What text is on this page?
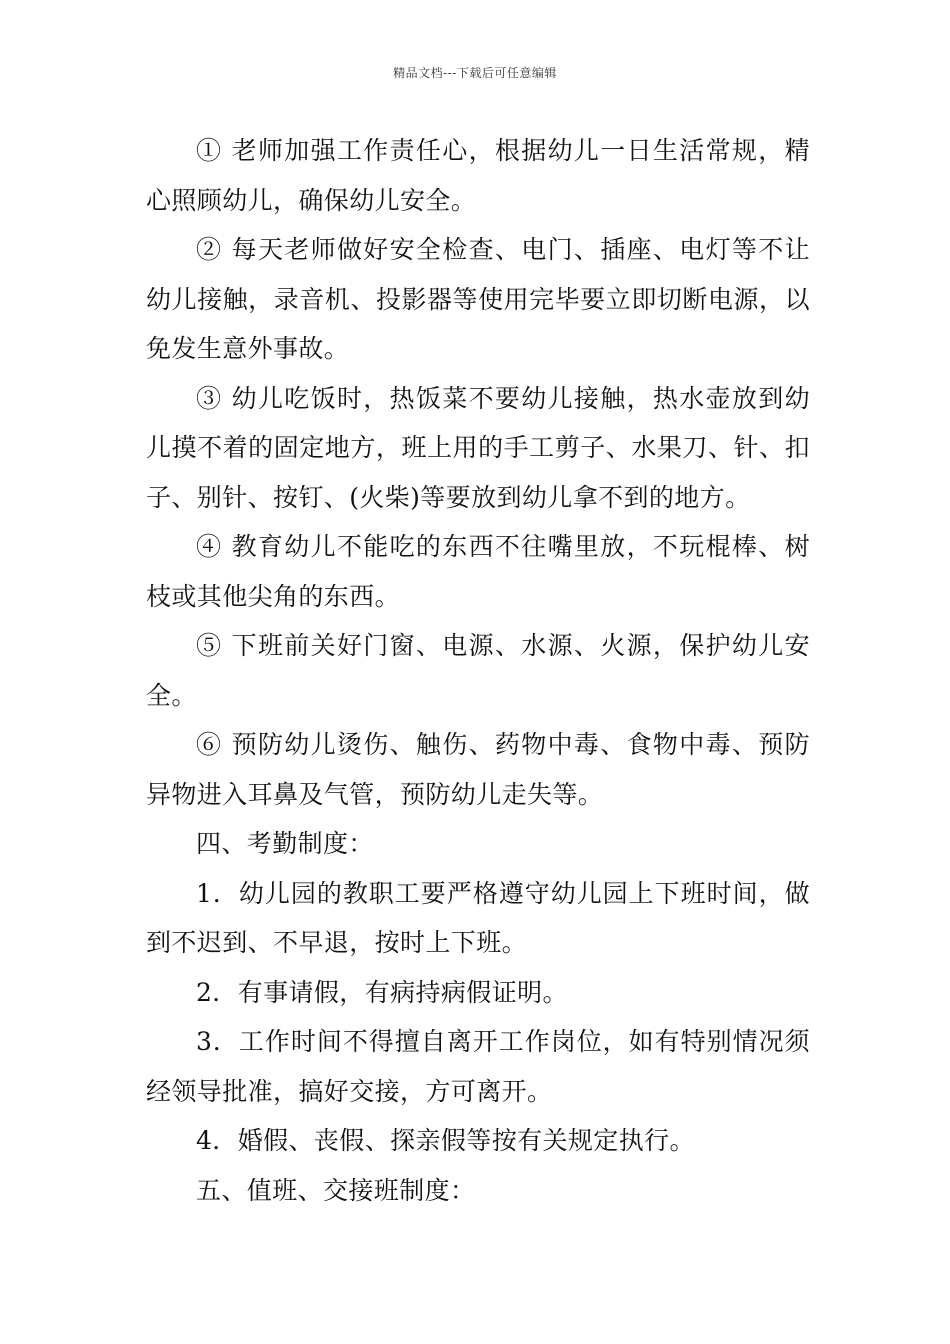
精品文档---下载后可任意编辑

① 老师加强工作责任心，根据幼儿一日生活常规，精心照顾幼儿，确保幼儿安全。

② 每天老师做好安全检查、电门、插座、电灯等不让幼儿接触，录音机、投影器等使用完毕要立即切断电源，以免发生意外事故。

③ 幼儿吃饭时，热饭菜不要幼儿接触，热水壶放到幼儿摸不着的固定地方，班上用的手工剪子、水果刀、针、扣子、别针、按钉、(火柴)等要放到幼儿拿不到的地方。

④ 教育幼儿不能吃的东西不往嘴里放，不玩棍棒、树枝或其他尖角的东西。

⑤ 下班前关好门窗、电源、水源、火源，保护幼儿安全。

⑥ 预防幼儿烫伤、触伤、药物中毒、食物中毒、预防异物进入耳鼻及气管，预防幼儿走失等。

四、考勤制度：

1．幼儿园的教职工要严格遵守幼儿园上下班时间，做到不迟到、不早退，按时上下班。

2．有事请假，有病持病假证明。

3．工作时间不得擅自离开工作岗位，如有特别情况须经领导批准，搞好交接，方可离开。

4．婚假、丧假、探亲假等按有关规定执行。

五、值班、交接班制度：
